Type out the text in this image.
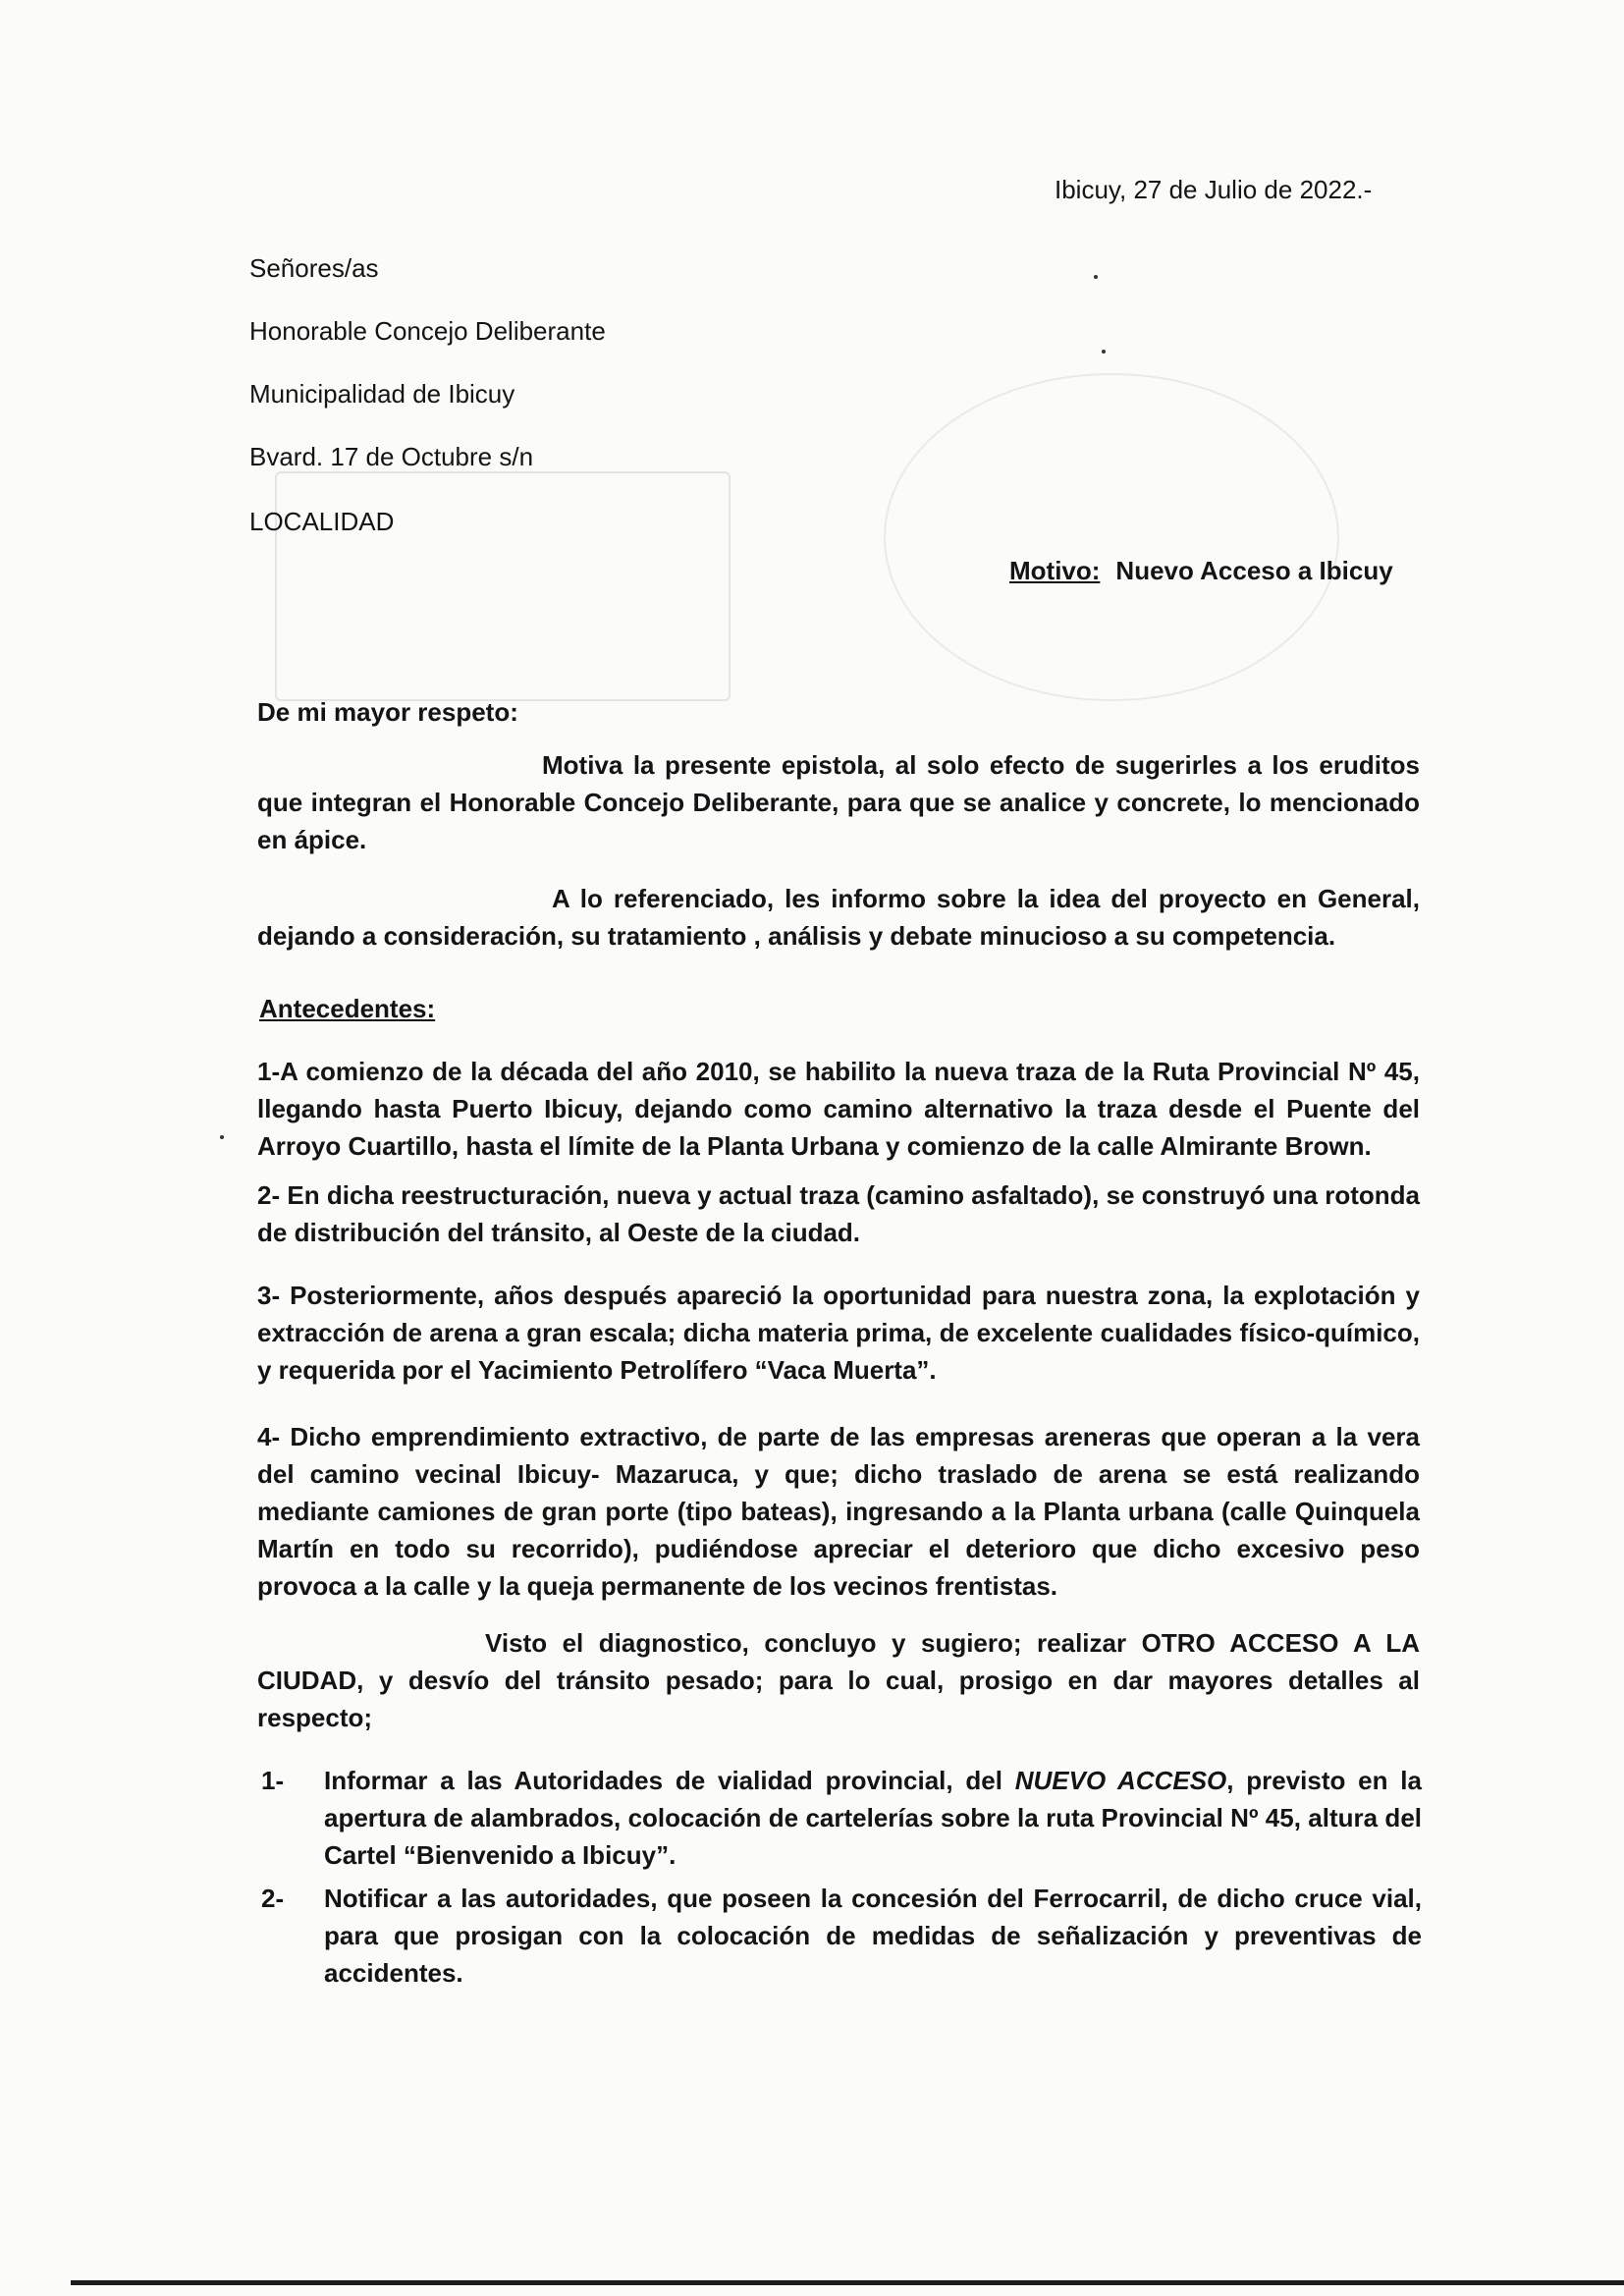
Ibicuy, 27 de Julio de 2022.-
Señores/as
Honorable Concejo Deliberante
Municipalidad de Ibicuy
Bvard. 17 de Octubre s/n
LOCALIDAD
Motivo: Nuevo Acceso a Ibicuy
De mi mayor respeto:
Motiva la presente epistola, al solo efecto de sugerirles a los eruditos que integran el Honorable Concejo Deliberante, para que se analice y concrete, lo mencionado en ápice.
A lo referenciado, les informo sobre la idea del proyecto en General, dejando a consideración, su tratamiento , análisis y debate minucioso a su competencia.
Antecedentes:
1-A comienzo de la década del año 2010, se habilito la nueva traza de la Ruta Provincial Nº 45, llegando hasta Puerto Ibicuy, dejando como camino alternativo la traza desde el Puente del Arroyo Cuartillo, hasta el límite de la Planta Urbana y comienzo de la calle Almirante Brown.
2- En dicha reestructuración, nueva y actual traza (camino asfaltado), se construyó una rotonda de distribución del tránsito, al Oeste de la ciudad.
3- Posteriormente, años después apareció la oportunidad para nuestra zona, la explotación y extracción de arena a gran escala; dicha materia prima, de excelente cualidades físico-químico, y requerida por el Yacimiento Petrolífero “Vaca Muerta”.
4- Dicho emprendimiento extractivo, de parte de las empresas areneras que operan a la vera del camino vecinal Ibicuy- Mazaruca, y que; dicho traslado de arena se está realizando mediante camiones de gran porte (tipo bateas), ingresando a la Planta urbana (calle Quinquela Martín en todo su recorrido), pudiéndose apreciar el deterioro que dicho excesivo peso provoca a la calle y la queja permanente de los vecinos frentistas.
Visto el diagnostico, concluyo y sugiero; realizar OTRO ACCESO A LA CIUDAD, y desvío del tránsito pesado; para lo cual, prosigo en dar mayores detalles al respecto;
1- Informar a las Autoridades de vialidad provincial, del NUEVO ACCESO, previsto en la apertura de alambrados, colocación de cartelerías sobre la ruta Provincial Nº 45, altura del Cartel “Bienvenido a Ibicuy”.
2- Notificar a las autoridades, que poseen la concesión del Ferrocarril, de dicho cruce vial, para que prosigan con la colocación de medidas de señalización y preventivas de accidentes.
